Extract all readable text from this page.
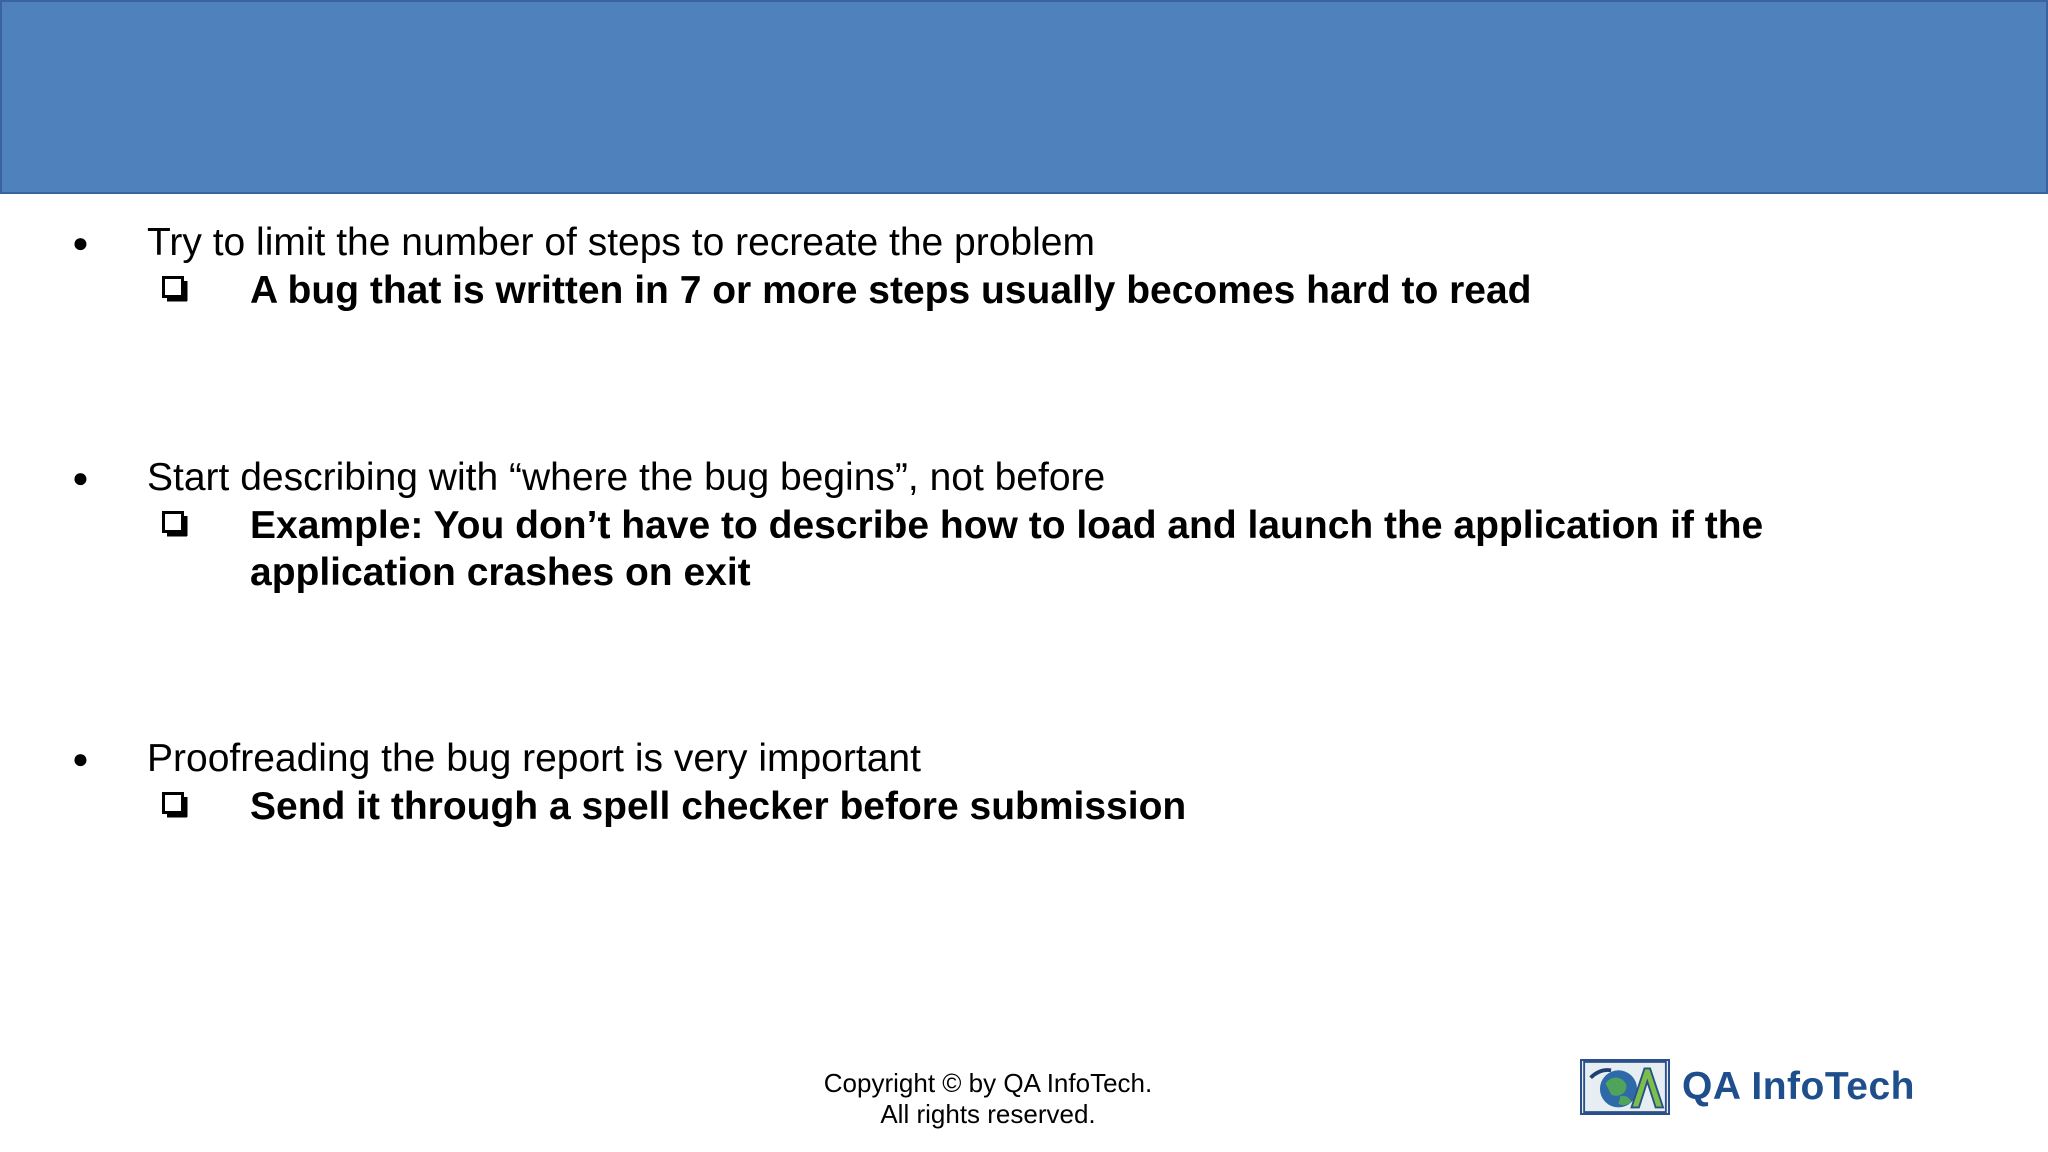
● Try to limit the number of steps to recreate the problem
A bug that is written in 7 or more steps usually becomes hard to read
● Start describing with “where the bug begins”, not before
Example: You don’t have to describe how to load and launch the application if the application crashes on exit
● Proofreading the bug report is very important
Send it through a spell checker before submission
Copyright © by QA InfoTech.
All rights reserved.
QA InfoTech
